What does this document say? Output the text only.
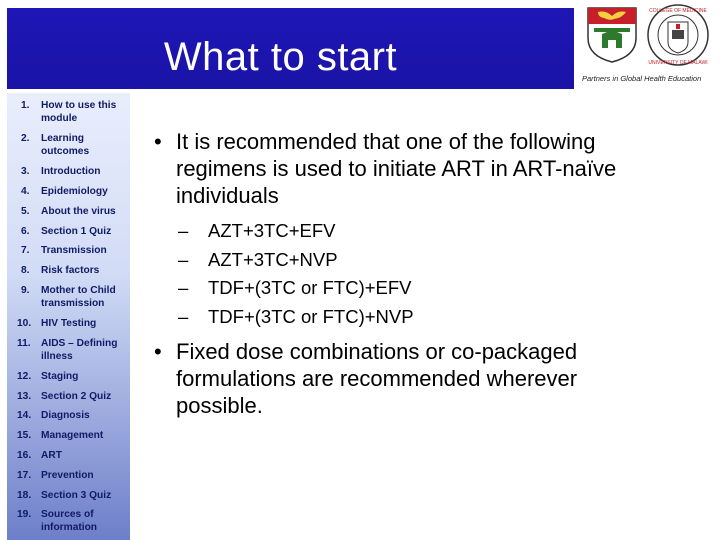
What to start
COLLEGE OF MEDICINE
UNIVERSITY OF MALAWI
Partners in Global Health Education
1. How to use this module
2. Learning outcomes
3. Introduction
4. Epidemiology
5. About the virus
6. Section 1 Quiz
7. Transmission
8. Risk factors
9. Mother to Child transmission
10. HIV Testing
11. AIDS – Defining illness
12. Staging
13. Section 2 Quiz
14. Diagnosis
15. Management
16. ART
17. Prevention
18. Section 3 Quiz
19. Sources of information
• It is recommended that one of the following regimens is used to initiate ART in ART-naïve individuals
– AZT+3TC+EFV
– AZT+3TC+NVP
– TDF+(3TC or FTC)+EFV
– TDF+(3TC or FTC)+NVP
• Fixed dose combinations or co-packaged formulations are recommended wherever possible.
